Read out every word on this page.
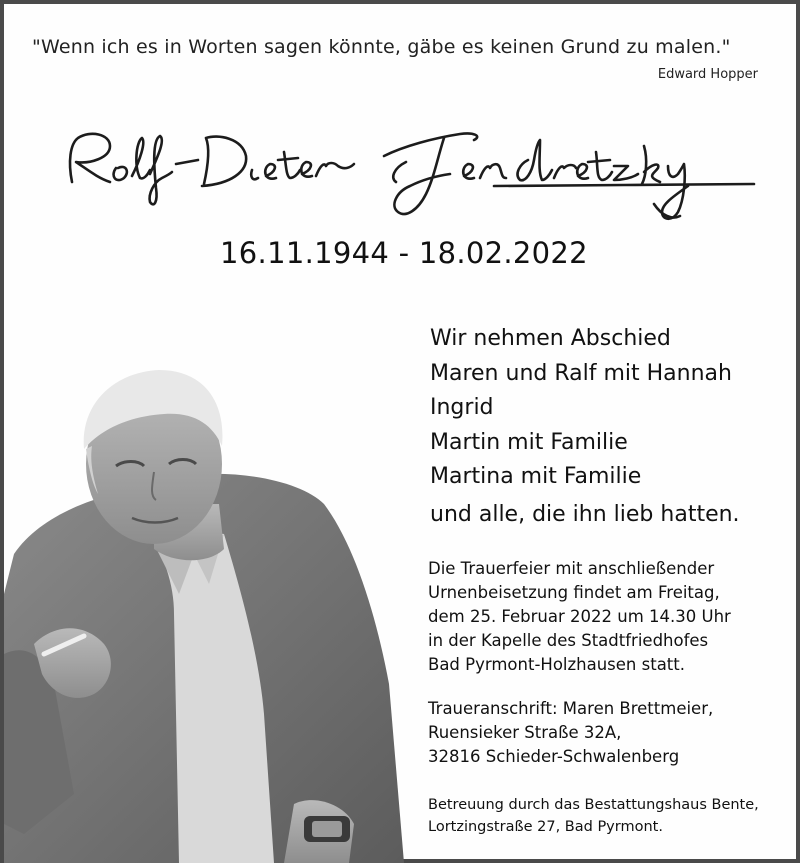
"Wenn ich es in Worten sagen könnte, gäbe es keinen Grund zu malen."
Edward Hopper
16.11.1944 - 18.02.2022
Wir nehmen Abschied
Maren und Ralf mit Hannah
Ingrid
Martin mit Familie
Martina mit Familie
und alle, die ihn lieb hatten.
Die Trauerfeier mit anschließender
Urnenbeisetzung findet am Freitag,
dem 25. Februar 2022 um 14.30 Uhr
in der Kapelle des Stadtfriedhofes
Bad Pyrmont-Holzhausen statt.
Traueranschrift: Maren Brettmeier,
Ruensieker Straße 32A,
32816 Schieder-Schwalenberg
Betreuung durch das Bestattungshaus Bente,
Lortzingstraße 27, Bad Pyrmont.
